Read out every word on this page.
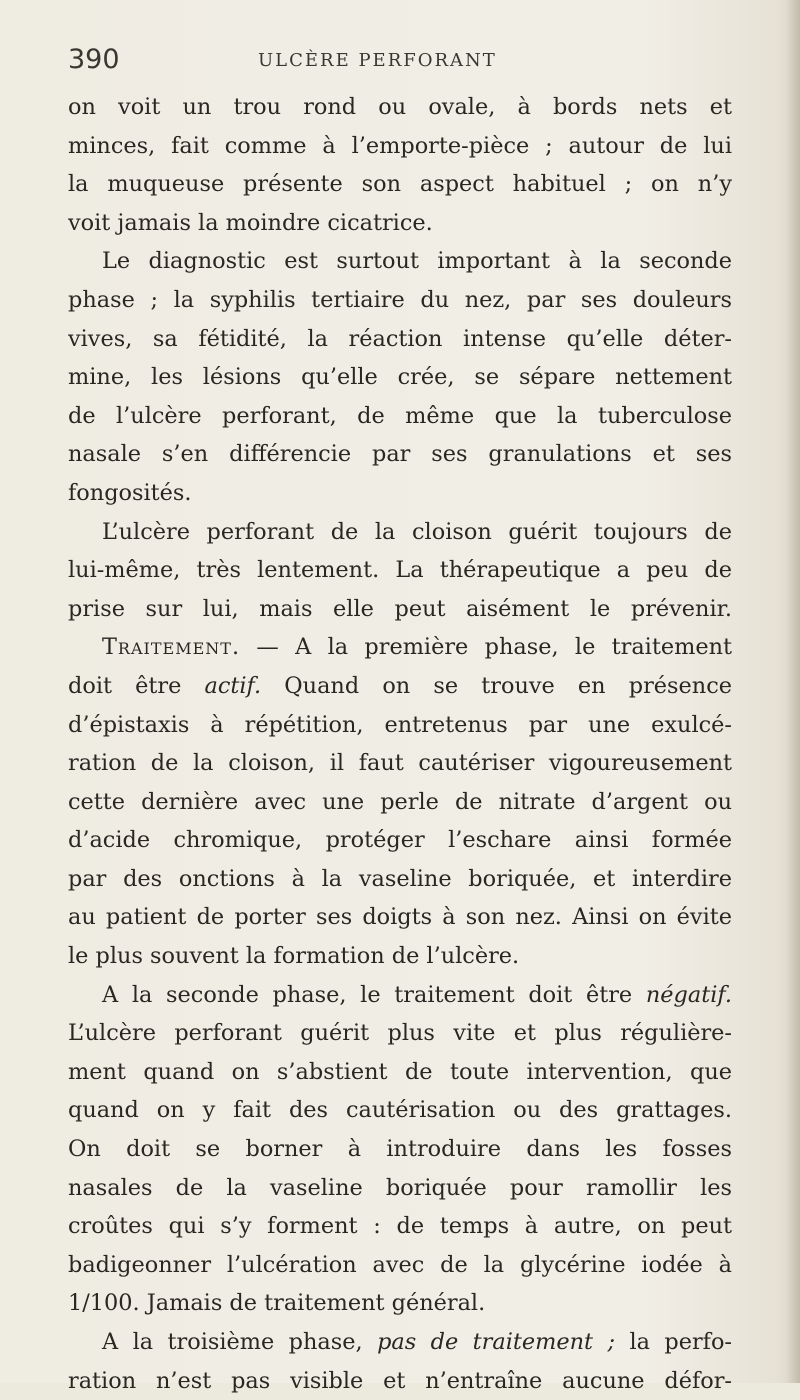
390	ULCÈRE PERFORANT
on voit un trou rond ou ovale, à bords nets et
minces, fait comme à l’emporte-pièce ; autour de lui
la muqueuse présente son aspect habituel ; on n’y
voit jamais la moindre cicatrice.
Le diagnostic est surtout important à la seconde
phase ; la syphilis tertiaire du nez, par ses douleurs
vives, sa fétidité, la réaction intense qu’elle déter-
mine, les lésions qu’elle crée, se sépare nettement
de l’ulcère perforant, de même que la tuberculose
nasale s’en différencie par ses granulations et ses
fongosités.
L’ulcère perforant de la cloison guérit toujours de
lui-même, très lentement. La thérapeutique a peu de
prise sur lui, mais elle peut aisément le prévenir.
Traitement. — A la première phase, le traitement
doit être actif. Quand on se trouve en présence
d’épistaxis à répétition, entretenus par une exulcé-
ration de la cloison, il faut cautériser vigoureusement
cette dernière avec une perle de nitrate d’argent ou
d’acide chromique, protéger l’eschare ainsi formée
par des onctions à la vaseline boriquée, et interdire
au patient de porter ses doigts à son nez. Ainsi on évite
le plus souvent la formation de l’ulcère.
A la seconde phase, le traitement doit être négatif.
L’ulcère perforant guérit plus vite et plus régulière-
ment quand on s’abstient de toute intervention, que
quand on y fait des cautérisation ou des grattages.
On doit se borner à introduire dans les fosses
nasales de la vaseline boriquée pour ramollir les
croûtes qui s’y forment : de temps à autre, on peut
badigeonner l’ulcération avec de la glycérine iodée à
1/100. Jamais de traitement général.
A la troisième phase, pas de traitement ; la perfo-
ration n’est pas visible et n’entraîne aucune défor-
